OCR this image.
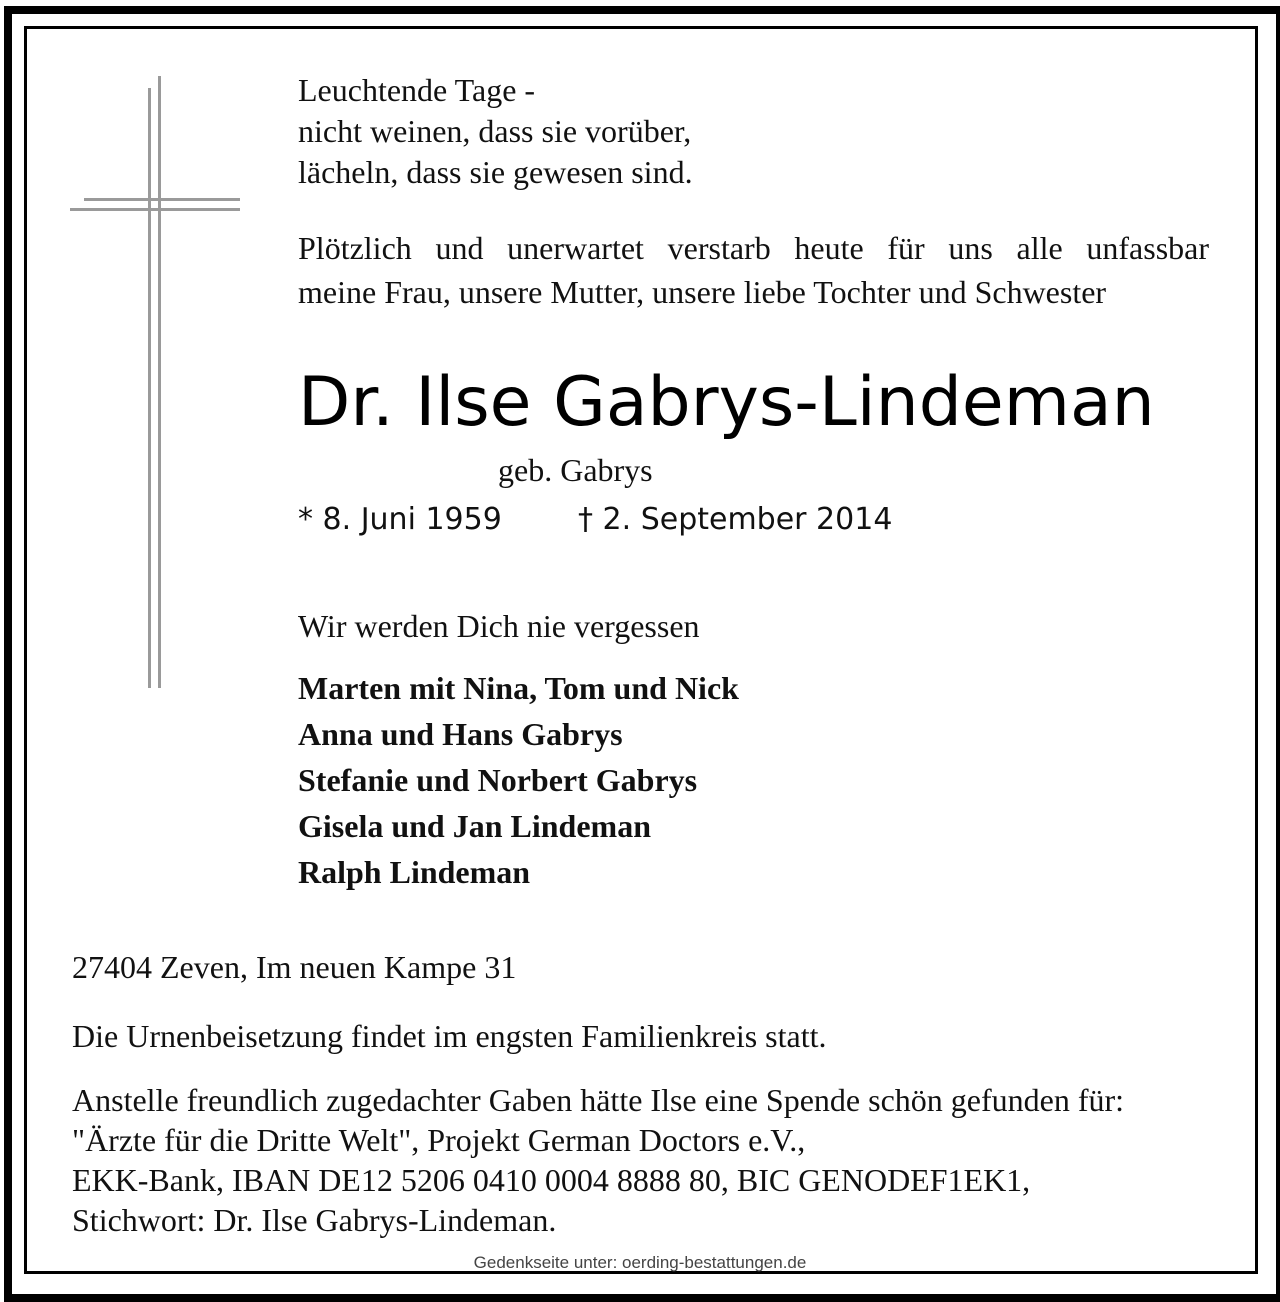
Leuchtende Tage -
nicht weinen, dass sie vorüber,
lächeln, dass sie gewesen sind.
Plötzlich und unerwartet verstarb heute für uns alle unfassbar
meine Frau, unsere Mutter, unsere liebe Tochter und Schwester
Dr. Ilse Gabrys-Lindeman
geb. Gabrys
* 8. Juni 1959	† 2. September 2014
Wir werden Dich nie vergessen
Marten mit Nina, Tom und Nick
Anna und Hans Gabrys
Stefanie und Norbert Gabrys
Gisela und Jan Lindeman
Ralph Lindeman
27404 Zeven, Im neuen Kampe 31
Die Urnenbeisetzung findet im engsten Familienkreis statt.
Anstelle freundlich zugedachter Gaben hätte Ilse eine Spende schön gefunden für:
"Ärzte für die Dritte Welt", Projekt German Doctors e.V.,
EKK-Bank, IBAN DE12 5206 0410 0004 8888 80, BIC GENODEF1EK1,
Stichwort: Dr. Ilse Gabrys-Lindeman.
Gedenkseite unter: oerding-bestattungen.de
